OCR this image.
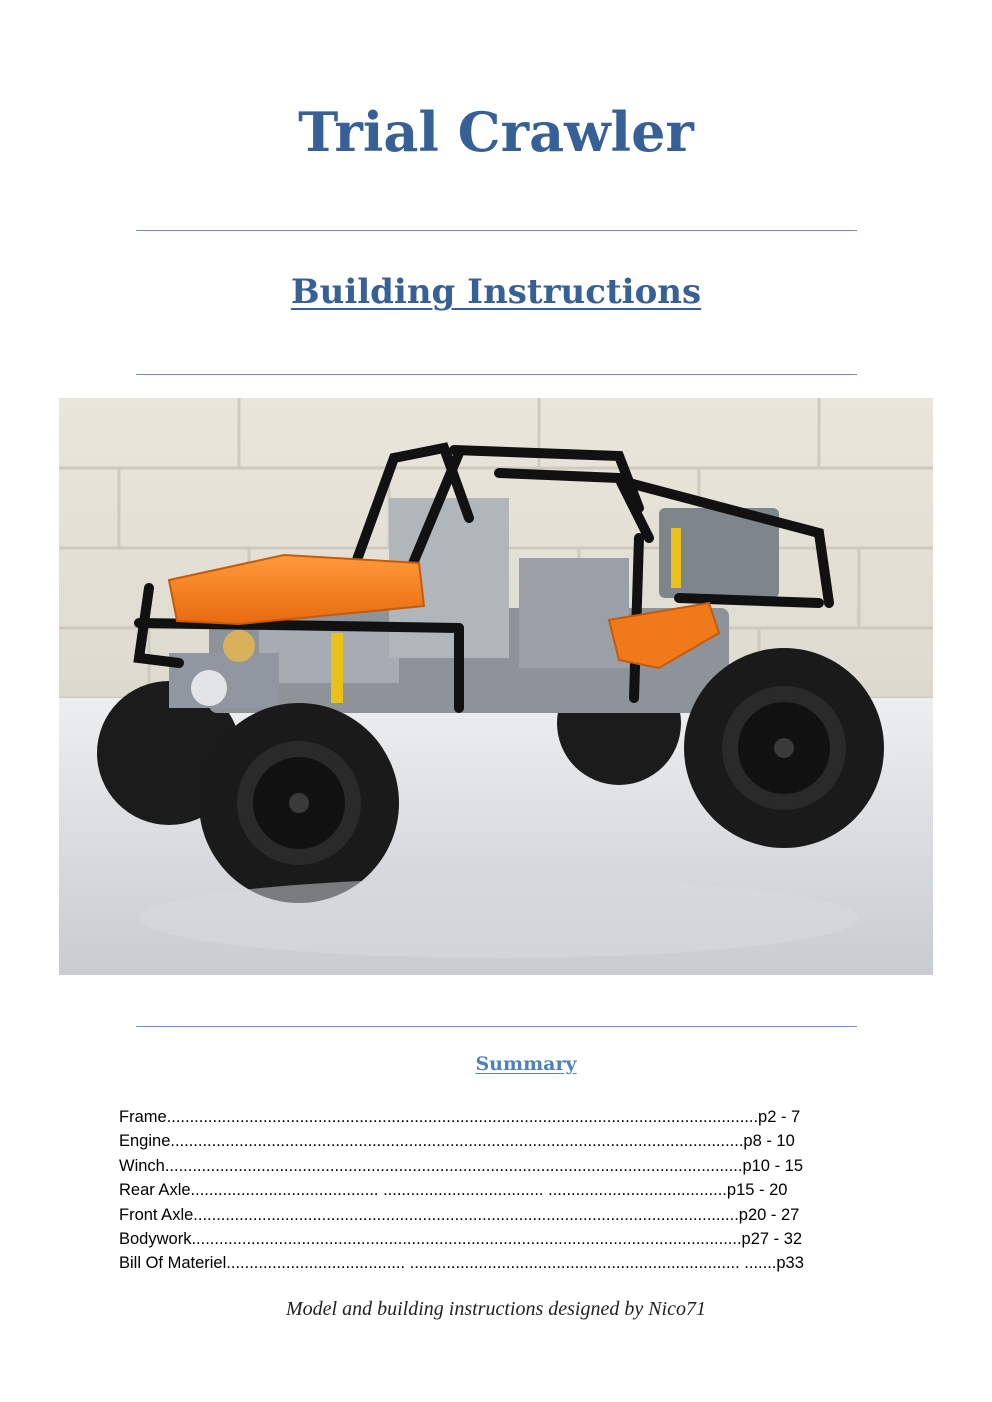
Trial Crawler
Building Instructions
Summary
Frame.................................................................................................................................p2 - 7
Engine.............................................................................................................................p8 - 10
Winch..............................................................................................................................p10 - 15
Rear Axle......................................... ................................... .......................................p15 - 20
Front Axle.......................................................................................................................p20 - 27
Bodywork........................................................................................................................p27 - 32
Bill Of Materiel....................................... ........................................................................ .......p33
Model and building instructions designed by Nico71
